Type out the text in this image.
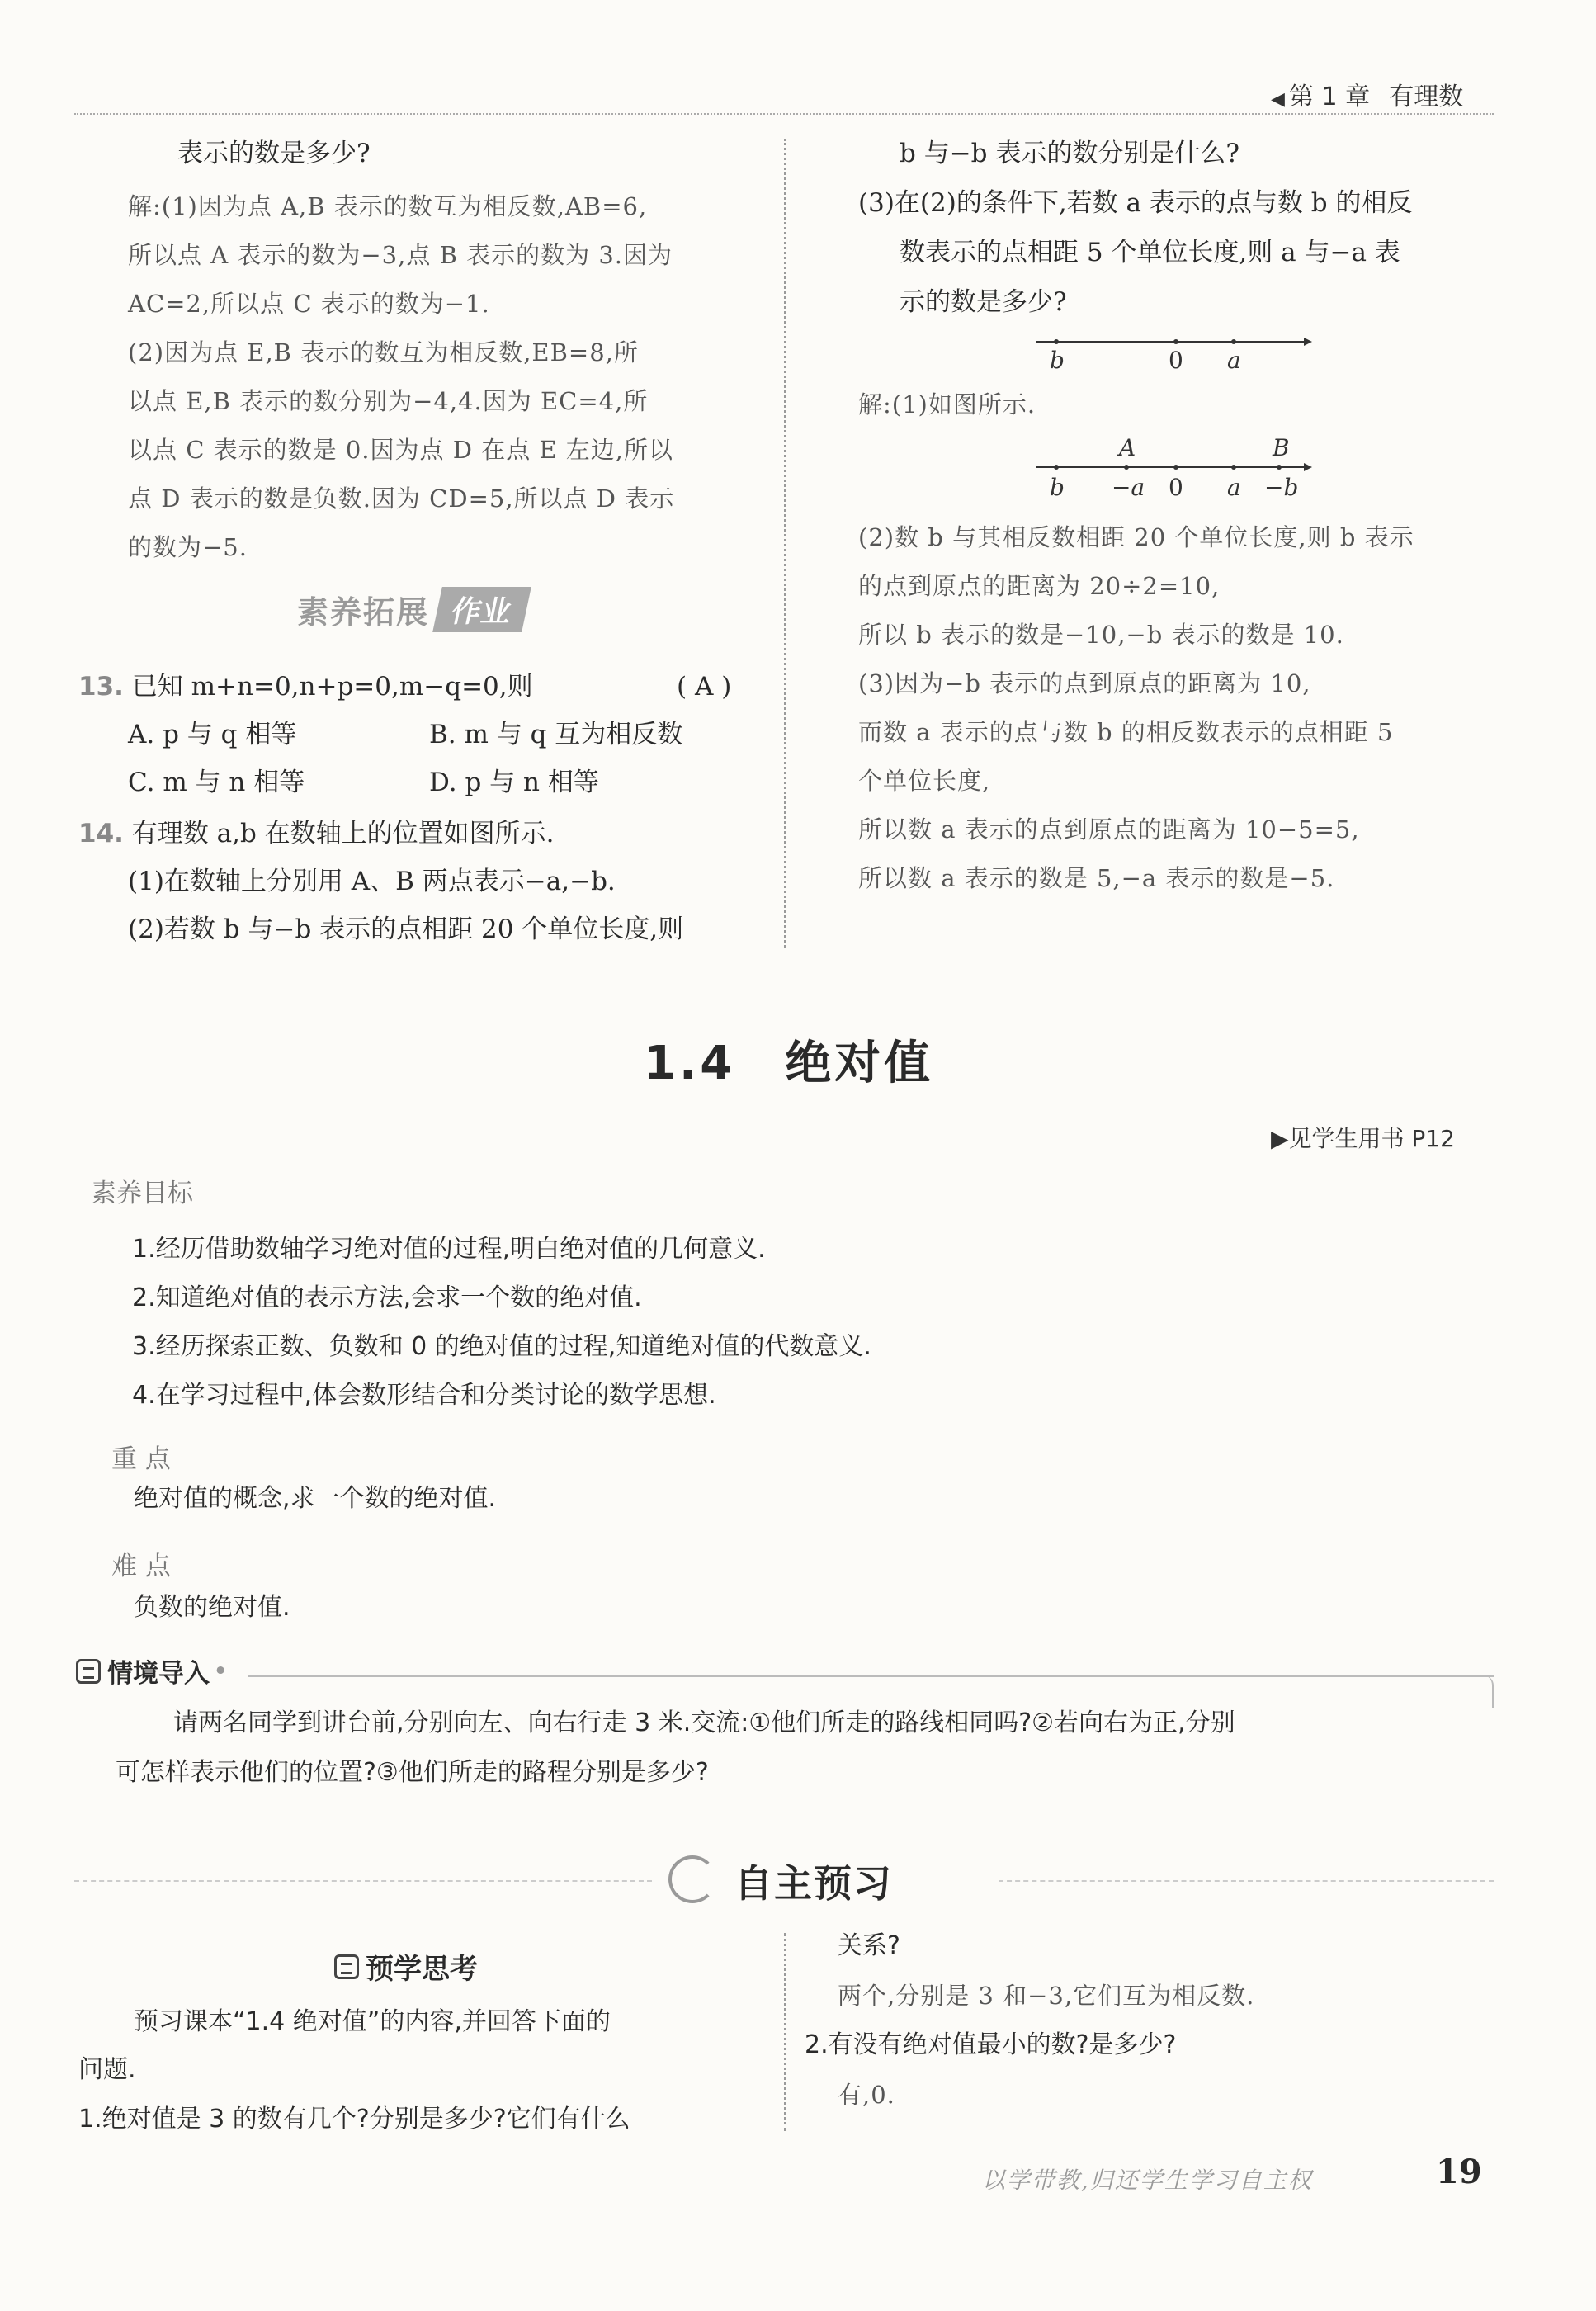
◀ 第 1 章 有理数
表示的数是多少?
解:(1)因为点 A,B 表示的数互为相反数,AB=6,
所以点 A 表示的数为−3,点 B 表示的数为 3.因为
AC=2,所以点 C 表示的数为−1.
(2)因为点 E,B 表示的数互为相反数,EB=8,所
以点 E,B 表示的数分别为−4,4.因为 EC=4,所
以点 C 表示的数是 0.因为点 D 在点 E 左边,所以
点 D 表示的数是负数.因为 CD=5,所以点 D 表示
的数为−5.
素养拓展 作业
13. 已知 m+n=0,n+p=0,m−q=0,则	( A )
A. p 与 q 相等	B. m 与 q 互为相反数
C. m 与 n 相等	D. p 与 n 相等
14. 有理数 a,b 在数轴上的位置如图所示.
(1)在数轴上分别用 A、B 两点表示−a,−b.
(2)若数 b 与−b 表示的点相距 20 个单位长度,则
b 与−b 表示的数分别是什么?
(3)在(2)的条件下,若数 a 表示的点与数 b 的相反
数表示的点相距 5 个单位长度,则 a 与−a 表
示的数是多少?
b	0 a
解:(1)如图所示.
A	B
b −a 0 a −b
(2)数 b 与其相反数相距 20 个单位长度,则 b 表示
的点到原点的距离为 20÷2=10,
所以 b 表示的数是−10,−b 表示的数是 10.
(3)因为−b 表示的点到原点的距离为 10,
而数 a 表示的点与数 b 的相反数表示的点相距 5
个单位长度,
所以数 a 表示的点到原点的距离为 10−5=5,
所以数 a 表示的数是 5,−a 表示的数是−5.
1.4　绝对值
▶见学生用书 P12
素养目标
1.经历借助数轴学习绝对值的过程,明白绝对值的几何意义.
2.知道绝对值的表示方法,会求一个数的绝对值.
3.经历探索正数、负数和 0 的绝对值的过程,知道绝对值的代数意义.
4.在学习过程中,体会数形结合和分类讨论的数学思想.
重 点
绝对值的概念,求一个数的绝对值.
难 点
负数的绝对值.
情境导入 •
请两名同学到讲台前,分别向左、向右行走 3 米.交流:①他们所走的路线相同吗?②若向右为正,分别
可怎样表示他们的位置?③他们所走的路程分别是多少?
自主预习
预学思考
预习课本“1.4 绝对值”的内容,并回答下面的
问题.
1.绝对值是 3 的数有几个?分别是多少?它们有什么
关系?
两个,分别是 3 和−3,它们互为相反数.
2.有没有绝对值最小的数?是多少?
有,0.
以学带教,归还学生学习自主权	19
